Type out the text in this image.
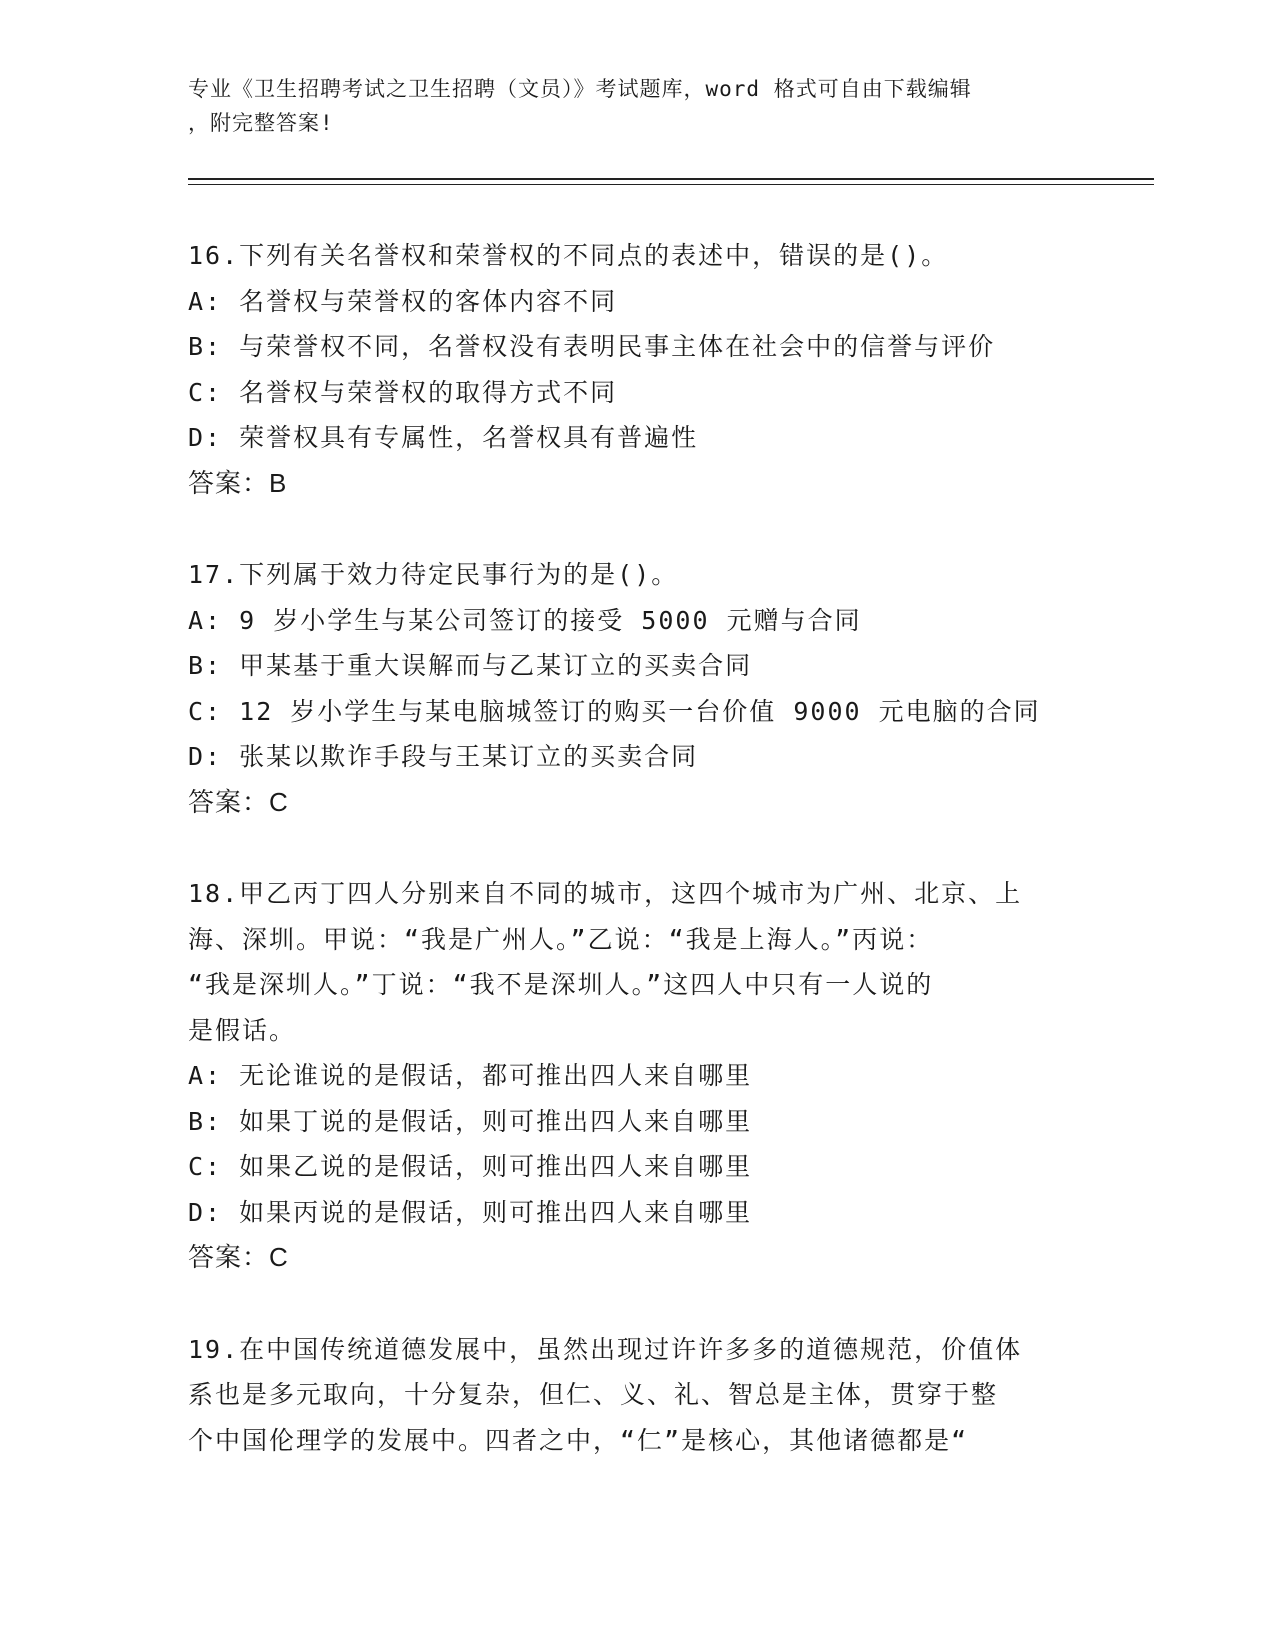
专业《卫生招聘考试之卫生招聘（文员）》考试题库，word 格式可自由下载编辑
，附完整答案!
16.下列有关名誉权和荣誉权的不同点的表述中，错误的是()。
A: 名誉权与荣誉权的客体内容不同
B: 与荣誉权不同，名誉权没有表明民事主体在社会中的信誉与评价
C: 名誉权与荣誉权的取得方式不同
D: 荣誉权具有专属性，名誉权具有普遍性
答案：B
17.下列属于效力待定民事行为的是()。
A: 9 岁小学生与某公司签订的接受 5000 元赠与合同
B: 甲某基于重大误解而与乙某订立的买卖合同
C: 12 岁小学生与某电脑城签订的购买一台价值 9000 元电脑的合同
D: 张某以欺诈手段与王某订立的买卖合同
答案：C
18.甲乙丙丁四人分别来自不同的城市，这四个城市为广州、北京、上
海、深圳。甲说：“我是广州人。”乙说：“我是上海人。”丙说：
“我是深圳人。”丁说：“我不是深圳人。”这四人中只有一人说的
是假话。
A: 无论谁说的是假话，都可推出四人来自哪里
B: 如果丁说的是假话，则可推出四人来自哪里
C: 如果乙说的是假话，则可推出四人来自哪里
D: 如果丙说的是假话，则可推出四人来自哪里
答案：C
19.在中国传统道德发展中，虽然出现过许许多多的道德规范，价值体
系也是多元取向，十分复杂，但仁、义、礼、智总是主体，贯穿于整
个中国伦理学的发展中。四者之中，“仁”是核心，其他诸德都是“
